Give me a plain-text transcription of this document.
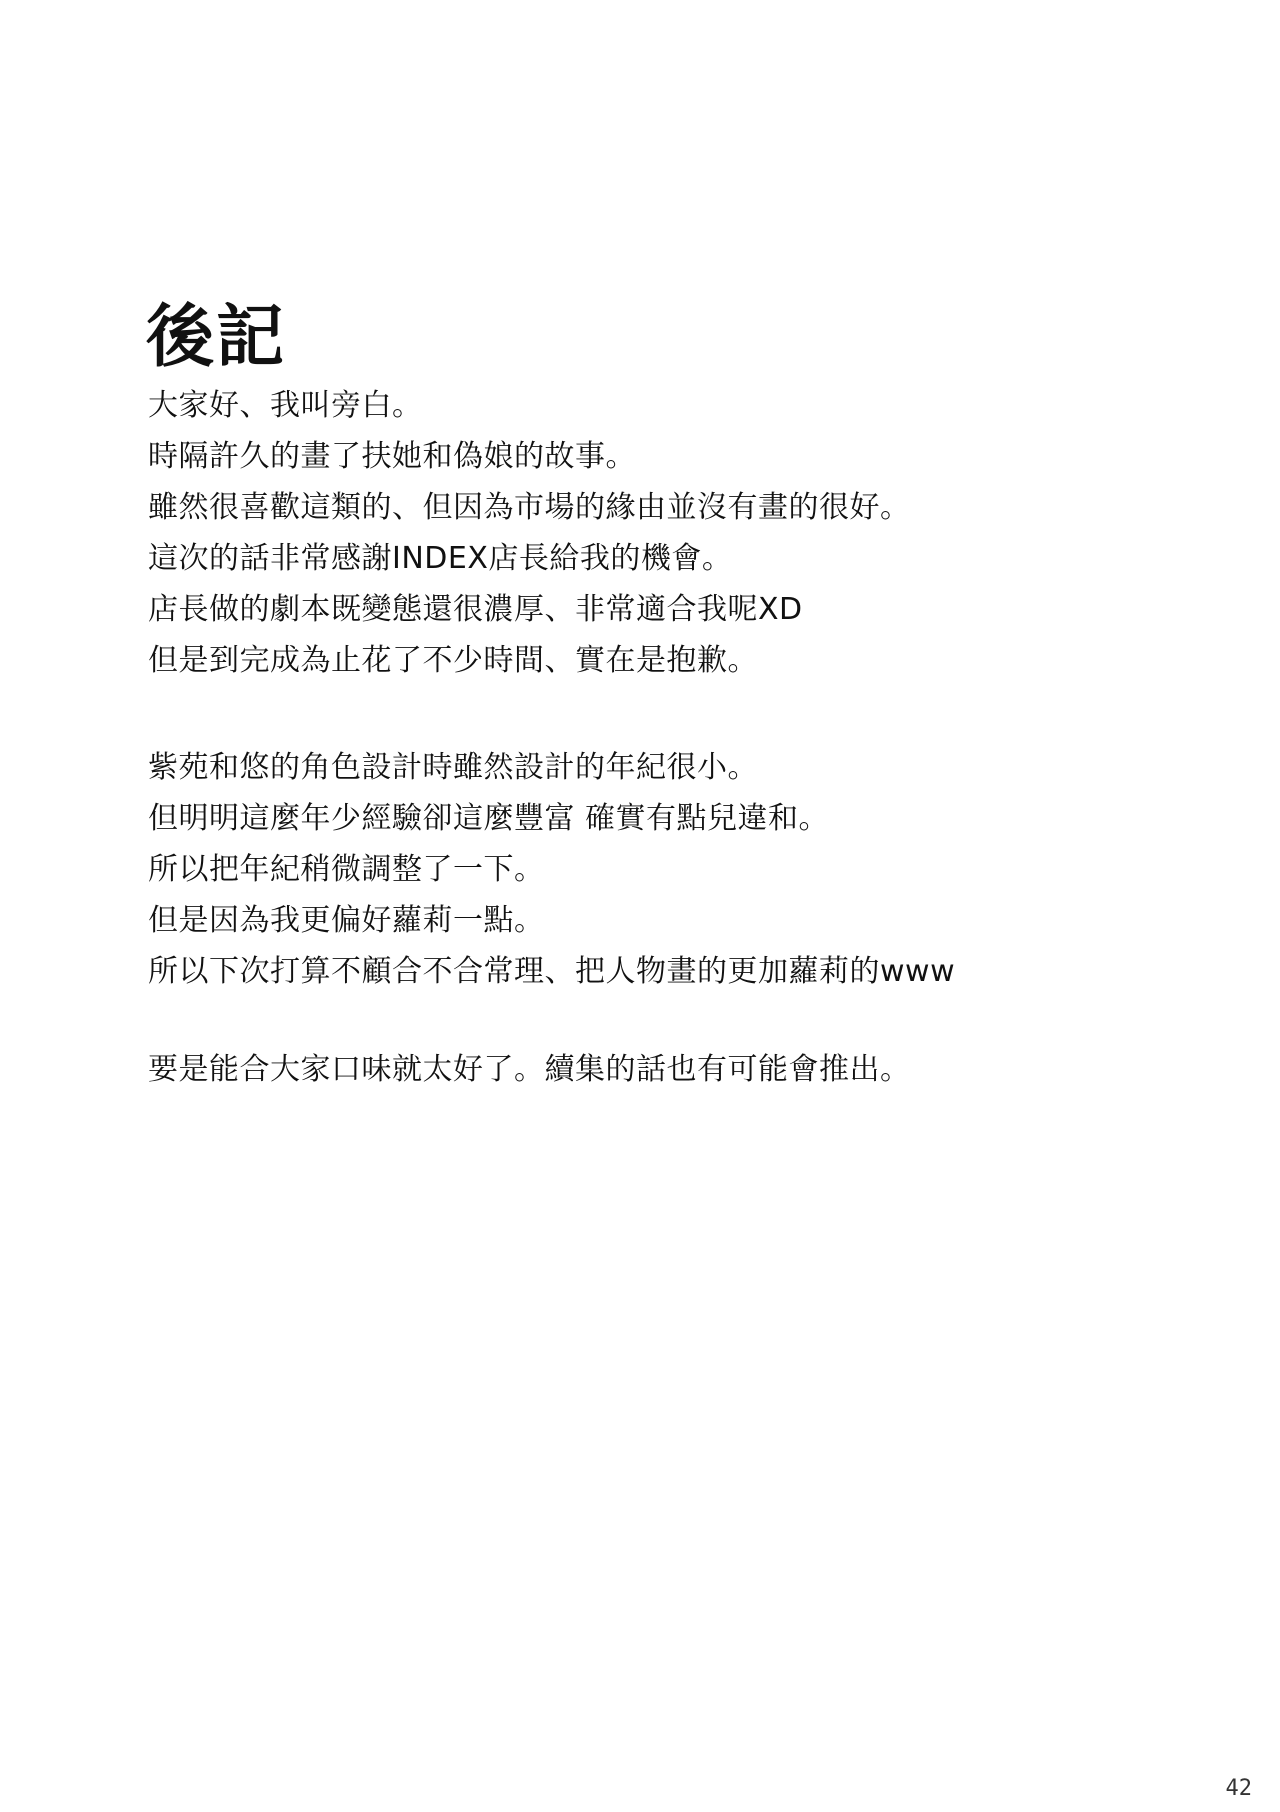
後記
大家好、我叫旁白。
時隔許久的畫了扶她和偽娘的故事。
雖然很喜歡這類的、但因為市場的緣由並沒有畫的很好。
這次的話非常感謝INDEX店長給我的機會。
店長做的劇本既變態還很濃厚、非常適合我呢XD
但是到完成為止花了不少時間、實在是抱歉。
紫苑和悠的角色設計時雖然設計的年紀很小。
但明明這麼年少經驗卻這麼豐富 確實有點兒違和。
所以把年紀稍微調整了一下。
但是因為我更偏好蘿莉一點。
所以下次打算不顧合不合常理、把人物畫的更加蘿莉的www
要是能合大家口味就太好了。續集的話也有可能會推出。
42
